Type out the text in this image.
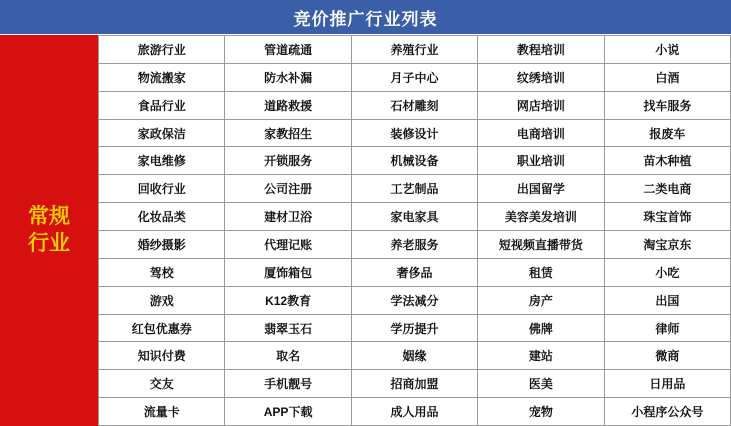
竞价推广行业列表
常规
行业
旅游行业	管道疏通	养殖行业	教程培训	小说
物流搬家	防水补漏	月子中心	纹绣培训	白酒
食品行业	道路救援	石材雕刻	网店培训	找车服务
家政保洁	家教招生	装修设计	电商培训	报废车
家电维修	开锁服务	机械设备	职业培训	苗木种植
回收行业	公司注册	工艺制品	出国留学	二类电商
化妆品类	建材卫浴	家电家具	美容美发培训	珠宝首饰
婚纱摄影	代理记账	养老服务	短视频直播带货	淘宝京东
驾校	厦饰箱包	奢侈品	租赁	小吃
游戏	K12教育	学法减分	房产	出国
红包优惠券	翡翠玉石	学历提升	佛牌	律师
知识付费	取名	姻缘	建站	微商
交友	手机靓号	招商加盟	医美	日用品
流量卡	APP下载	成人用品	宠物	小程序公众号
